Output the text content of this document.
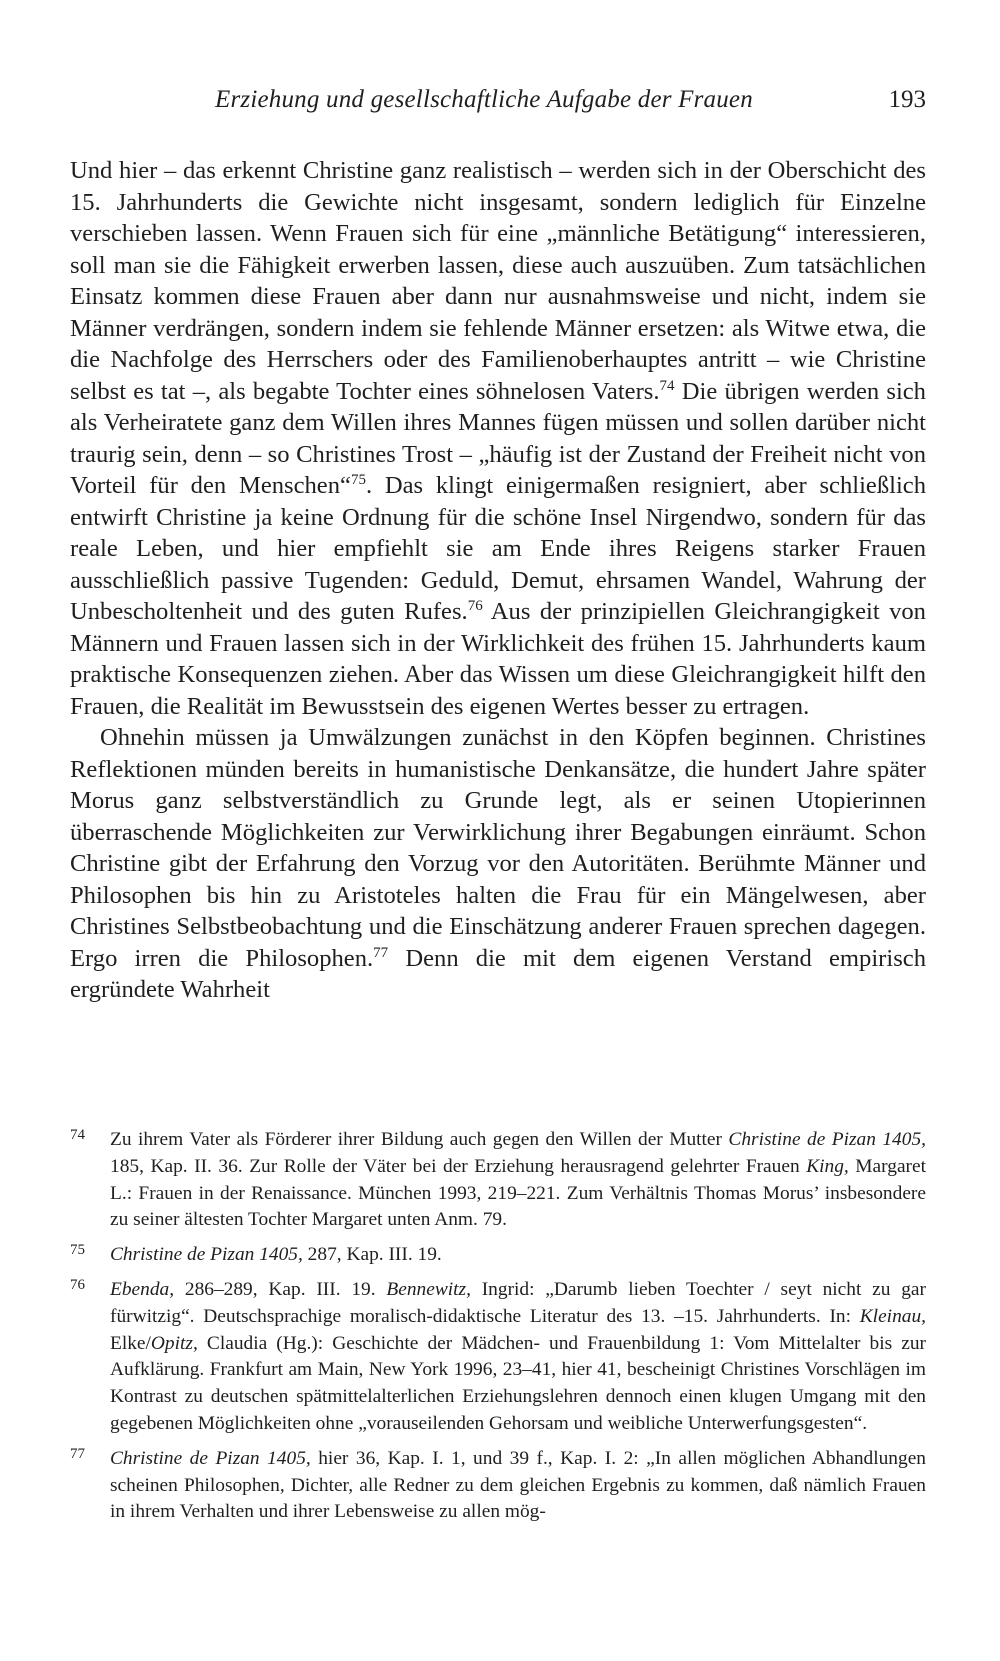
Erziehung und gesellschaftliche Aufgabe der Frauen	193

Und hier – das erkennt Christine ganz realistisch – werden sich in der Oberschicht des 15. Jahrhunderts die Gewichte nicht insgesamt, sondern lediglich für Einzelne verschieben lassen. Wenn Frauen sich für eine „männliche Betätigung“ interessieren, soll man sie die Fähigkeit erwerben lassen, diese auch auszuüben. Zum tatsächlichen Einsatz kommen diese Frauen aber dann nur ausnahmsweise und nicht, indem sie Männer verdrängen, sondern indem sie fehlende Männer ersetzen: als Witwe etwa, die die Nachfolge des Herrschers oder des Familienoberhauptes antritt – wie Christine selbst es tat –, als begabte Tochter eines söhnelosen Vaters.$^{74}$ Die übrigen werden sich als Verheiratete ganz dem Willen ihres Mannes fügen müssen und sollen darüber nicht traurig sein, denn – so Christines Trost – „häufig ist der Zustand der Freiheit nicht von Vorteil für den Menschen“$^{75}$. Das klingt einigermaßen resigniert, aber schließlich entwirft Christine ja keine Ordnung für die schöne Insel Nirgendwo, sondern für das reale Leben, und hier empfiehlt sie am Ende ihres Reigens starker Frauen ausschließlich passive Tugenden: Geduld, Demut, ehrsamen Wandel, Wahrung der Unbescholtenheit und des guten Rufes.$^{76}$ Aus der prinzipiellen Gleichrangigkeit von Männern und Frauen lassen sich in der Wirklichkeit des frühen 15. Jahrhunderts kaum praktische Konsequenzen ziehen. Aber das Wissen um diese Gleichrangigkeit hilft den Frauen, die Realität im Bewusstsein des eigenen Wertes besser zu ertragen.

Ohnehin müssen ja Umwälzungen zunächst in den Köpfen beginnen. Christines Reflektionen münden bereits in humanistische Denkansätze, die hundert Jahre später Morus ganz selbstverständlich zu Grunde legt, als er seinen Utopierinnen überraschende Möglichkeiten zur Verwirklichung ihrer Begabungen einräumt. Schon Christine gibt der Erfahrung den Vorzug vor den Autoritäten. Berühmte Männer und Philosophen bis hin zu Aristoteles halten die Frau für ein Mängelwesen, aber Christines Selbstbeobachtung und die Einschätzung anderer Frauen sprechen dagegen. Ergo irren die Philosophen.$^{77}$ Denn die mit dem eigenen Verstand empirisch ergründete Wahrheit

74 Zu ihrem Vater als Förderer ihrer Bildung auch gegen den Willen der Mutter Christine de Pizan 1405, 185, Kap. II. 36. Zur Rolle der Väter bei der Erziehung herausragend gelehrter Frauen King, Margaret L.: Frauen in der Renaissance. München 1993, 219–221. Zum Verhältnis Thomas Morus’ insbesondere zu seiner ältesten Tochter Margaret unten Anm. 79.
75 Christine de Pizan 1405, 287, Kap. III. 19.
76 Ebenda, 286–289, Kap. III. 19. Bennewitz, Ingrid: „Darumb lieben Toechter / seyt nicht zu gar fürwitzig“. Deutschsprachige moralisch-didaktische Literatur des 13. –15. Jahrhunderts. In: Kleinau, Elke/Opitz, Claudia (Hg.): Geschichte der Mädchen- und Frauenbildung 1: Vom Mittelalter bis zur Aufklärung. Frankfurt am Main, New York 1996, 23–41, hier 41, bescheinigt Christines Vorschlägen im Kontrast zu deutschen spätmittelalterlichen Erziehungslehren dennoch einen klugen Umgang mit den gegebenen Möglichkeiten ohne „vorauseilenden Gehorsam und weibliche Unterwerfungsgesten“.
77 Christine de Pizan 1405, hier 36, Kap. I. 1, und 39 f., Kap. I. 2: „In allen möglichen Abhandlungen scheinen Philosophen, Dichter, alle Redner zu dem gleichen Ergebnis zu kommen, daß nämlich Frauen in ihrem Verhalten und ihrer Lebensweise zu allen mög-
